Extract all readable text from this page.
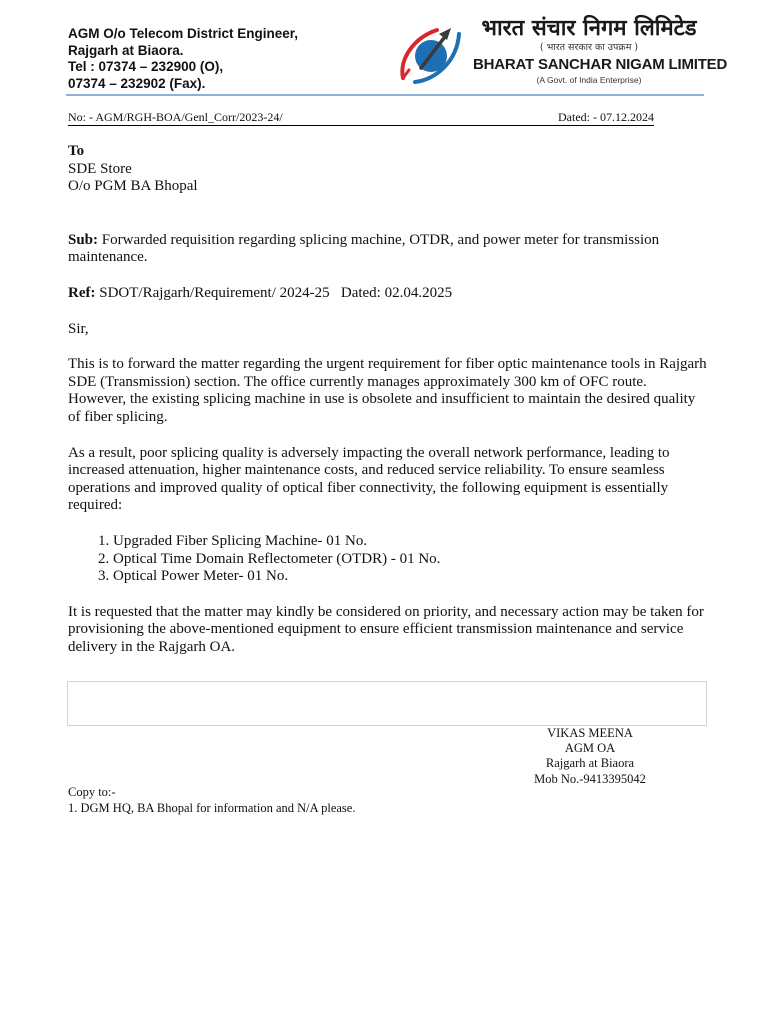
AGM O/o Telecom District Engineer,
Rajgarh at Biaora.
Tel : 07374 – 232900 (O),
07374 – 232902 (Fax).
भारत संचार निगम लिमिटेड
( भारत सरकार का उपक्रम )
BHARAT SANCHAR NIGAM LIMITED
(A Govt. of India Enterprise)
No: - AGM/RGH-BOA/Genl_Corr/2023-24/	Dated: - 07.12.2024

To
SDE Store
O/o PGM BA Bhopal

Sub: Forwarded requisition regarding splicing machine, OTDR, and power meter for transmission maintenance.

Ref: SDOT/Rajgarh/Requirement/ 2024-25   Dated: 02.04.2025

Sir,

This is to forward the matter regarding the urgent requirement for fiber optic maintenance tools in Rajgarh SDE (Transmission) section. The office currently manages approximately 300 km of OFC route. However, the existing splicing machine in use is obsolete and insufficient to maintain the desired quality of fiber splicing.

As a result, poor splicing quality is adversely impacting the overall network performance, leading to increased attenuation, higher maintenance costs, and reduced service reliability. To ensure seamless operations and improved quality of optical fiber connectivity, the following equipment is essentially required:

1. Upgraded Fiber Splicing Machine- 01 No.
2. Optical Time Domain Reflectometer (OTDR) - 01 No.
3. Optical Power Meter- 01 No.

It is requested that the matter may kindly be considered on priority, and necessary action may be taken for provisioning the above-mentioned equipment to ensure efficient transmission maintenance and service delivery in the Rajgarh OA.

VIKAS MEENA
AGM OA
Rajgarh at Biaora
Mob No.-9413395042
Copy to:-
1. DGM HQ, BA Bhopal for information and N/A please.
